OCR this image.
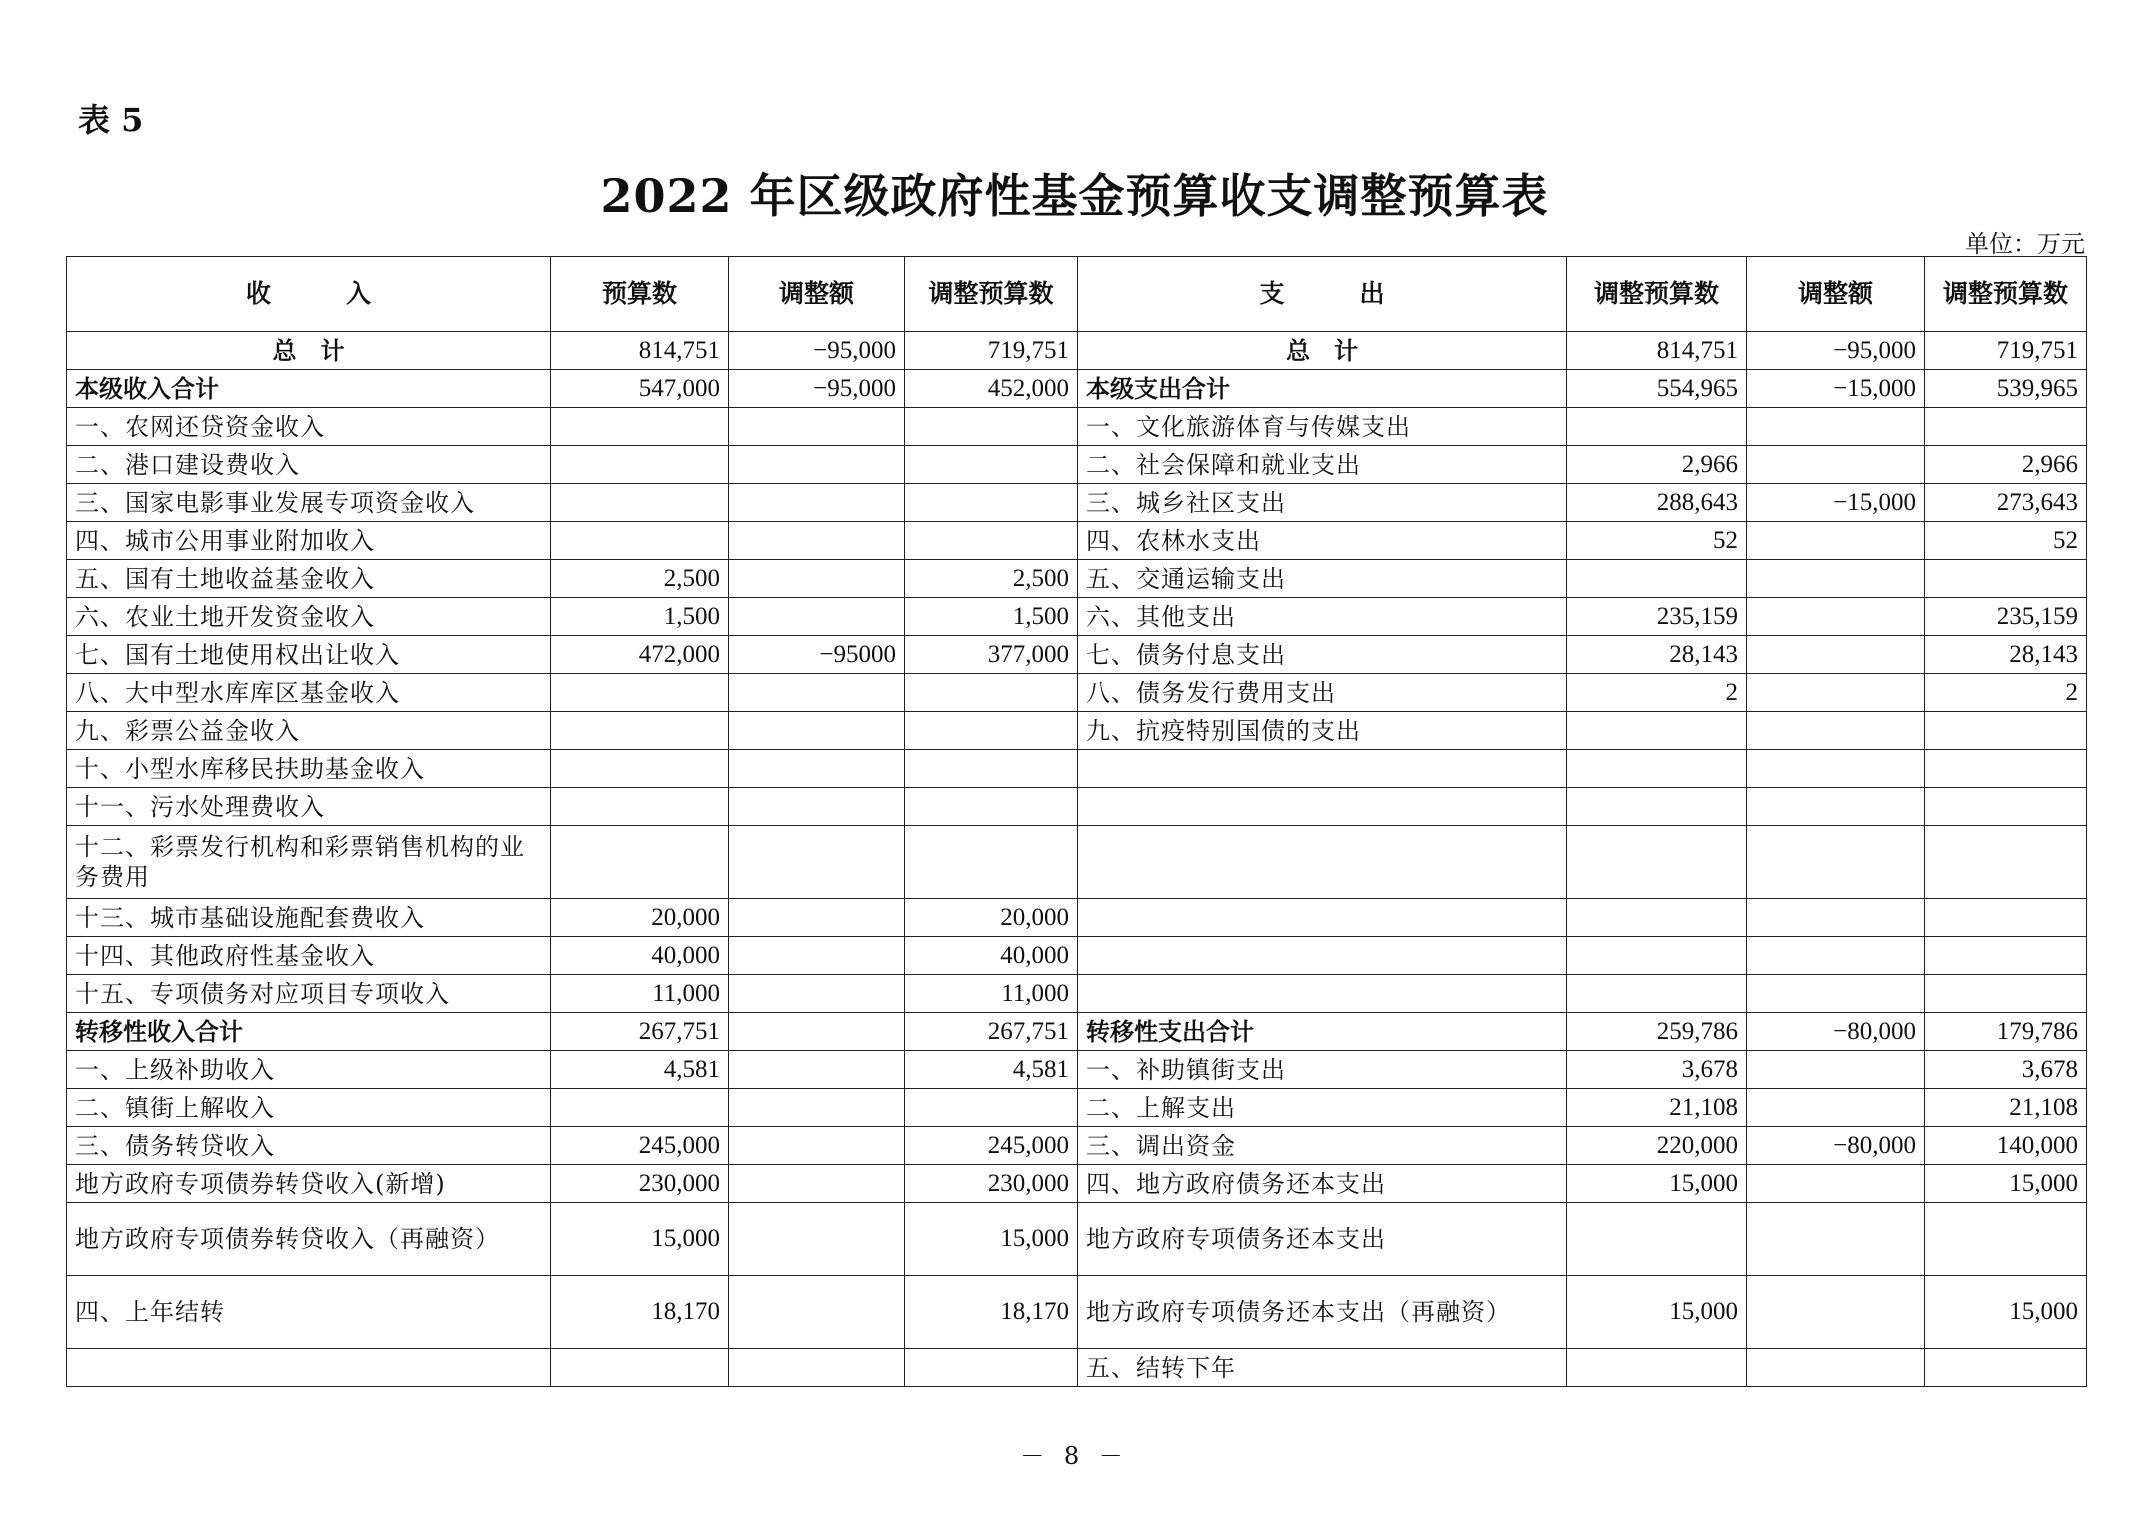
表 5
2022 年区级政府性基金预算收支调整预算表
单位：万元
收　　　入	预算数	调整额	调整预算数	支　　　出	调整预算数	调整额	调整预算数
总　计	814,751	−95,000	719,751	总　计	814,751	−95,000	719,751
本级收入合计	547,000	−95,000	452,000	本级支出合计	554,965	−15,000	539,965
一、农网还贷资金收入				一、文化旅游体育与传媒支出			
二、港口建设费收入				二、社会保障和就业支出	2,966		2,966
三、国家电影事业发展专项资金收入				三、城乡社区支出	288,643	−15,000	273,643
四、城市公用事业附加收入				四、农林水支出	52		52
五、国有土地收益基金收入	2,500		2,500	五、交通运输支出			
六、农业土地开发资金收入	1,500		1,500	六、其他支出	235,159		235,159
七、国有土地使用权出让收入	472,000	−95000	377,000	七、债务付息支出	28,143		28,143
八、大中型水库库区基金收入				八、债务发行费用支出	2		2
九、彩票公益金收入				九、抗疫特别国债的支出			
十、小型水库移民扶助基金收入							
十一、污水处理费收入							
十二、彩票发行机构和彩票销售机构的业务费用							
十三、城市基础设施配套费收入	20,000		20,000				
十四、其他政府性基金收入	40,000		40,000				
十五、专项债务对应项目专项收入	11,000		11,000				
转移性收入合计	267,751		267,751	转移性支出合计	259,786	−80,000	179,786
一、上级补助收入	4,581		4,581	一、补助镇街支出	3,678		3,678
二、镇街上解收入				二、上解支出	21,108		21,108
三、债务转贷收入	245,000		245,000	三、调出资金	220,000	−80,000	140,000
地方政府专项债券转贷收入(新增)	230,000		230,000	四、地方政府债务还本支出	15,000		15,000
地方政府专项债券转贷收入（再融资）	15,000		15,000	地方政府专项债务还本支出			
四、上年结转	18,170		18,170	地方政府专项债务还本支出（再融资）	15,000		15,000
				五、结转下年			
－ 8 －
